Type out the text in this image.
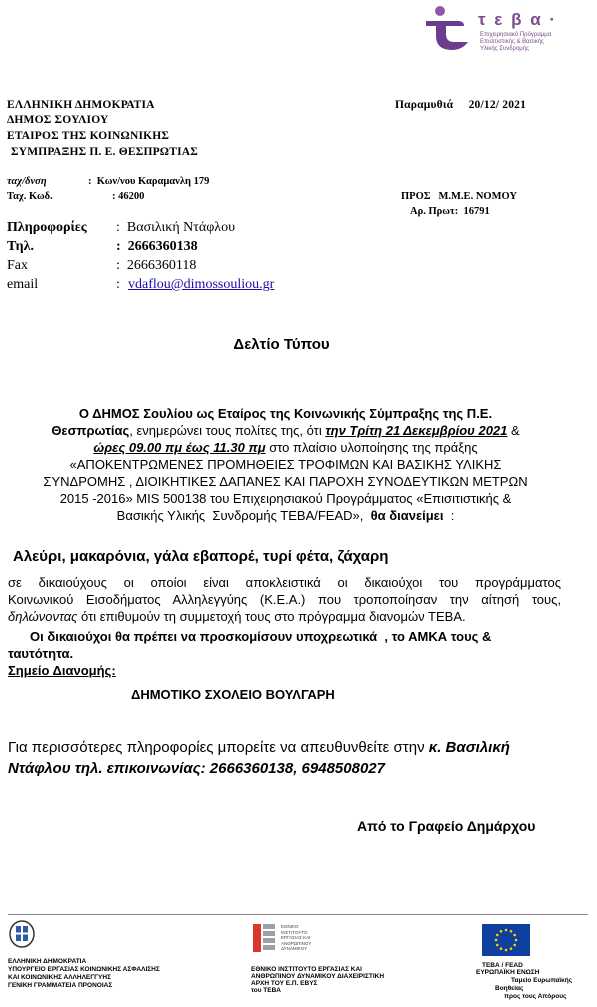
τ ε β α ·
Επιχειρησιακό Πρόγραμμα
Επισιτιστικής & Βασικής
Υλικής Συνδρομής
ΕΛΛΗΝΙΚΗ ΔΗΜΟΚΡΑΤΙΑ
ΔΗΜΟΣ ΣΟΥΛΙΟΥ
ΕΤΑΙΡΟΣ ΤΗΣ ΚΟΙΝΩΝΙΚΗΣ
ΣΥΜΠΡΑΞΗΣ Π. Ε. ΘΕΣΠΡΩΤΙΑΣ
Παραμυθιά     20/12/ 2021
ταχ/δνση	:  Κων/νου Καραμανλη 179
Ταχ. Κωδ.	: 46200	ΠΡΟΣ   Μ.Μ.Ε. ΝΟΜΟΥ
Αρ. Πρωτ:  16791
Πληροφορίες :  Βασιλική Ντάφλου
Τηλ.	:  2666360138
Fax	:  2666360118
email	: vdaflou@dimossouliou.gr
Δελτίο Τύπου
Ο ΔΗΜΟΣ Σουλίου ως Εταίρος της Κοινωνικής Σύμπραξης της Π.Ε.
Θεσπρωτίας, ενημερώνει τους πολίτες της, ότι την Τρίτη 21 Δεκεμβρίου 2021 &
ώρες 09.00 πμ έως 11.30 πμ στο πλαίσιο υλοποίησης της πράξης
«ΑΠΟΚΕΝΤΡΩΜΕΝΕΣ ΠΡΟΜΗΘΕΙΕΣ ΤΡΟΦΙΜΩΝ ΚΑΙ ΒΑΣΙΚΗΣ ΥΛΙΚΗΣ
ΣΥΝΔΡΟΜΗΣ , ΔΙΟΙΚΗΤΙΚΕΣ ΔΑΠΑΝΕΣ ΚΑΙ ΠΑΡΟΧΗ ΣΥΝΟΔΕΥΤΙΚΩΝ ΜΕΤΡΩΝ
2015 -2016» MIS 500138 του Επιχειρησιακού Προγράμματος «Επισιτιστικής &
Βασικής Υλικής  Συνδρομής ΤΕΒΑ/FEAD»,  θα διανείμει  :
Αλεύρι, μακαρόνια, γάλα εβαπορέ, τυρί φέτα, ζάχαρη
σε δικαιούχους οι οποίοι είναι αποκλειστικά οι δικαιούχοι του προγράμματος
Κοινωνικού Εισοδήματος Αλληλεγγύης (Κ.Ε.Α.) που τροποποίησαν την αίτησή τους,
δηλώνοντας ότι επιθυμούν τη συμμετοχή τους στο πρόγραμμα διανομών ΤΕΒΑ.
Οι δικαιούχοι θα πρέπει να προσκομίσουν υποχρεωτικά  , το ΑΜΚΑ τους &
ταυτότητα.
Σημείο Διανομής:
ΔΗΜΟΤΙΚΟ ΣΧΟΛΕΙΟ ΒΟΥΛΓΑΡΗ
Για περισσότερες πληροφορίες μπορείτε να απευθυνθείτε στην κ. Βασιλική
Ντάφλου τηλ. επικοινωνίας: 2666360138, 6948508027
Από το Γραφείο Δημάρχου
ΕΛΛΗΝΙΚΗ ΔΗΜΟΚΡΑΤΙΑ
ΥΠΟΥΡΓΕΙΟ ΕΡΓΑΣΙΑΣ ΚΟΙΝΩΝΙΚΗΣ ΑΣΦΑΛΙΣΗΣ
ΚΑΙ ΚΟΙΝΩΝΙΚΗΣ ΑΛΛΗΛΕΓΓΥΗΣ
ΓΕΝΙΚΗ ΓΡΑΜΜΑΤΕΙΑ ΠΡΟΝΟΙΑΣ
ΕΘΝΙΚΟ
ΙΝΣΤΙΤΟΥΤΟ
ΕΡΓΑΣΙΑΣ ΚΑΙ
ΑΝΘΡΩΠΙΝΟΥ
ΔΥΝΑΜΙΚΟΥ
ΕΘΝΙΚΟ ΙΝΣΤΙΤΟΥΤΟ ΕΡΓΑΣΙΑΣ ΚΑΙ
ΑΝΘΡΩΠΙΝΟΥ ΔΥΝΑΜΙΚΟΥ ΔΙΑΧΕΙΡΙΣΤΙΚΗ
ΑΡΧΗ ΤΟΥ Ε.Π. ΕΒΥΣ
του ΤΕΒΑ
ΤΕΒΑ / FEAD
ΕΥΡΩΠΑΪΚΗ ΕΝΩΣΗ
Ταμείο Ευρωπαϊκής
Βοηθείας
προς τους Απόρους
